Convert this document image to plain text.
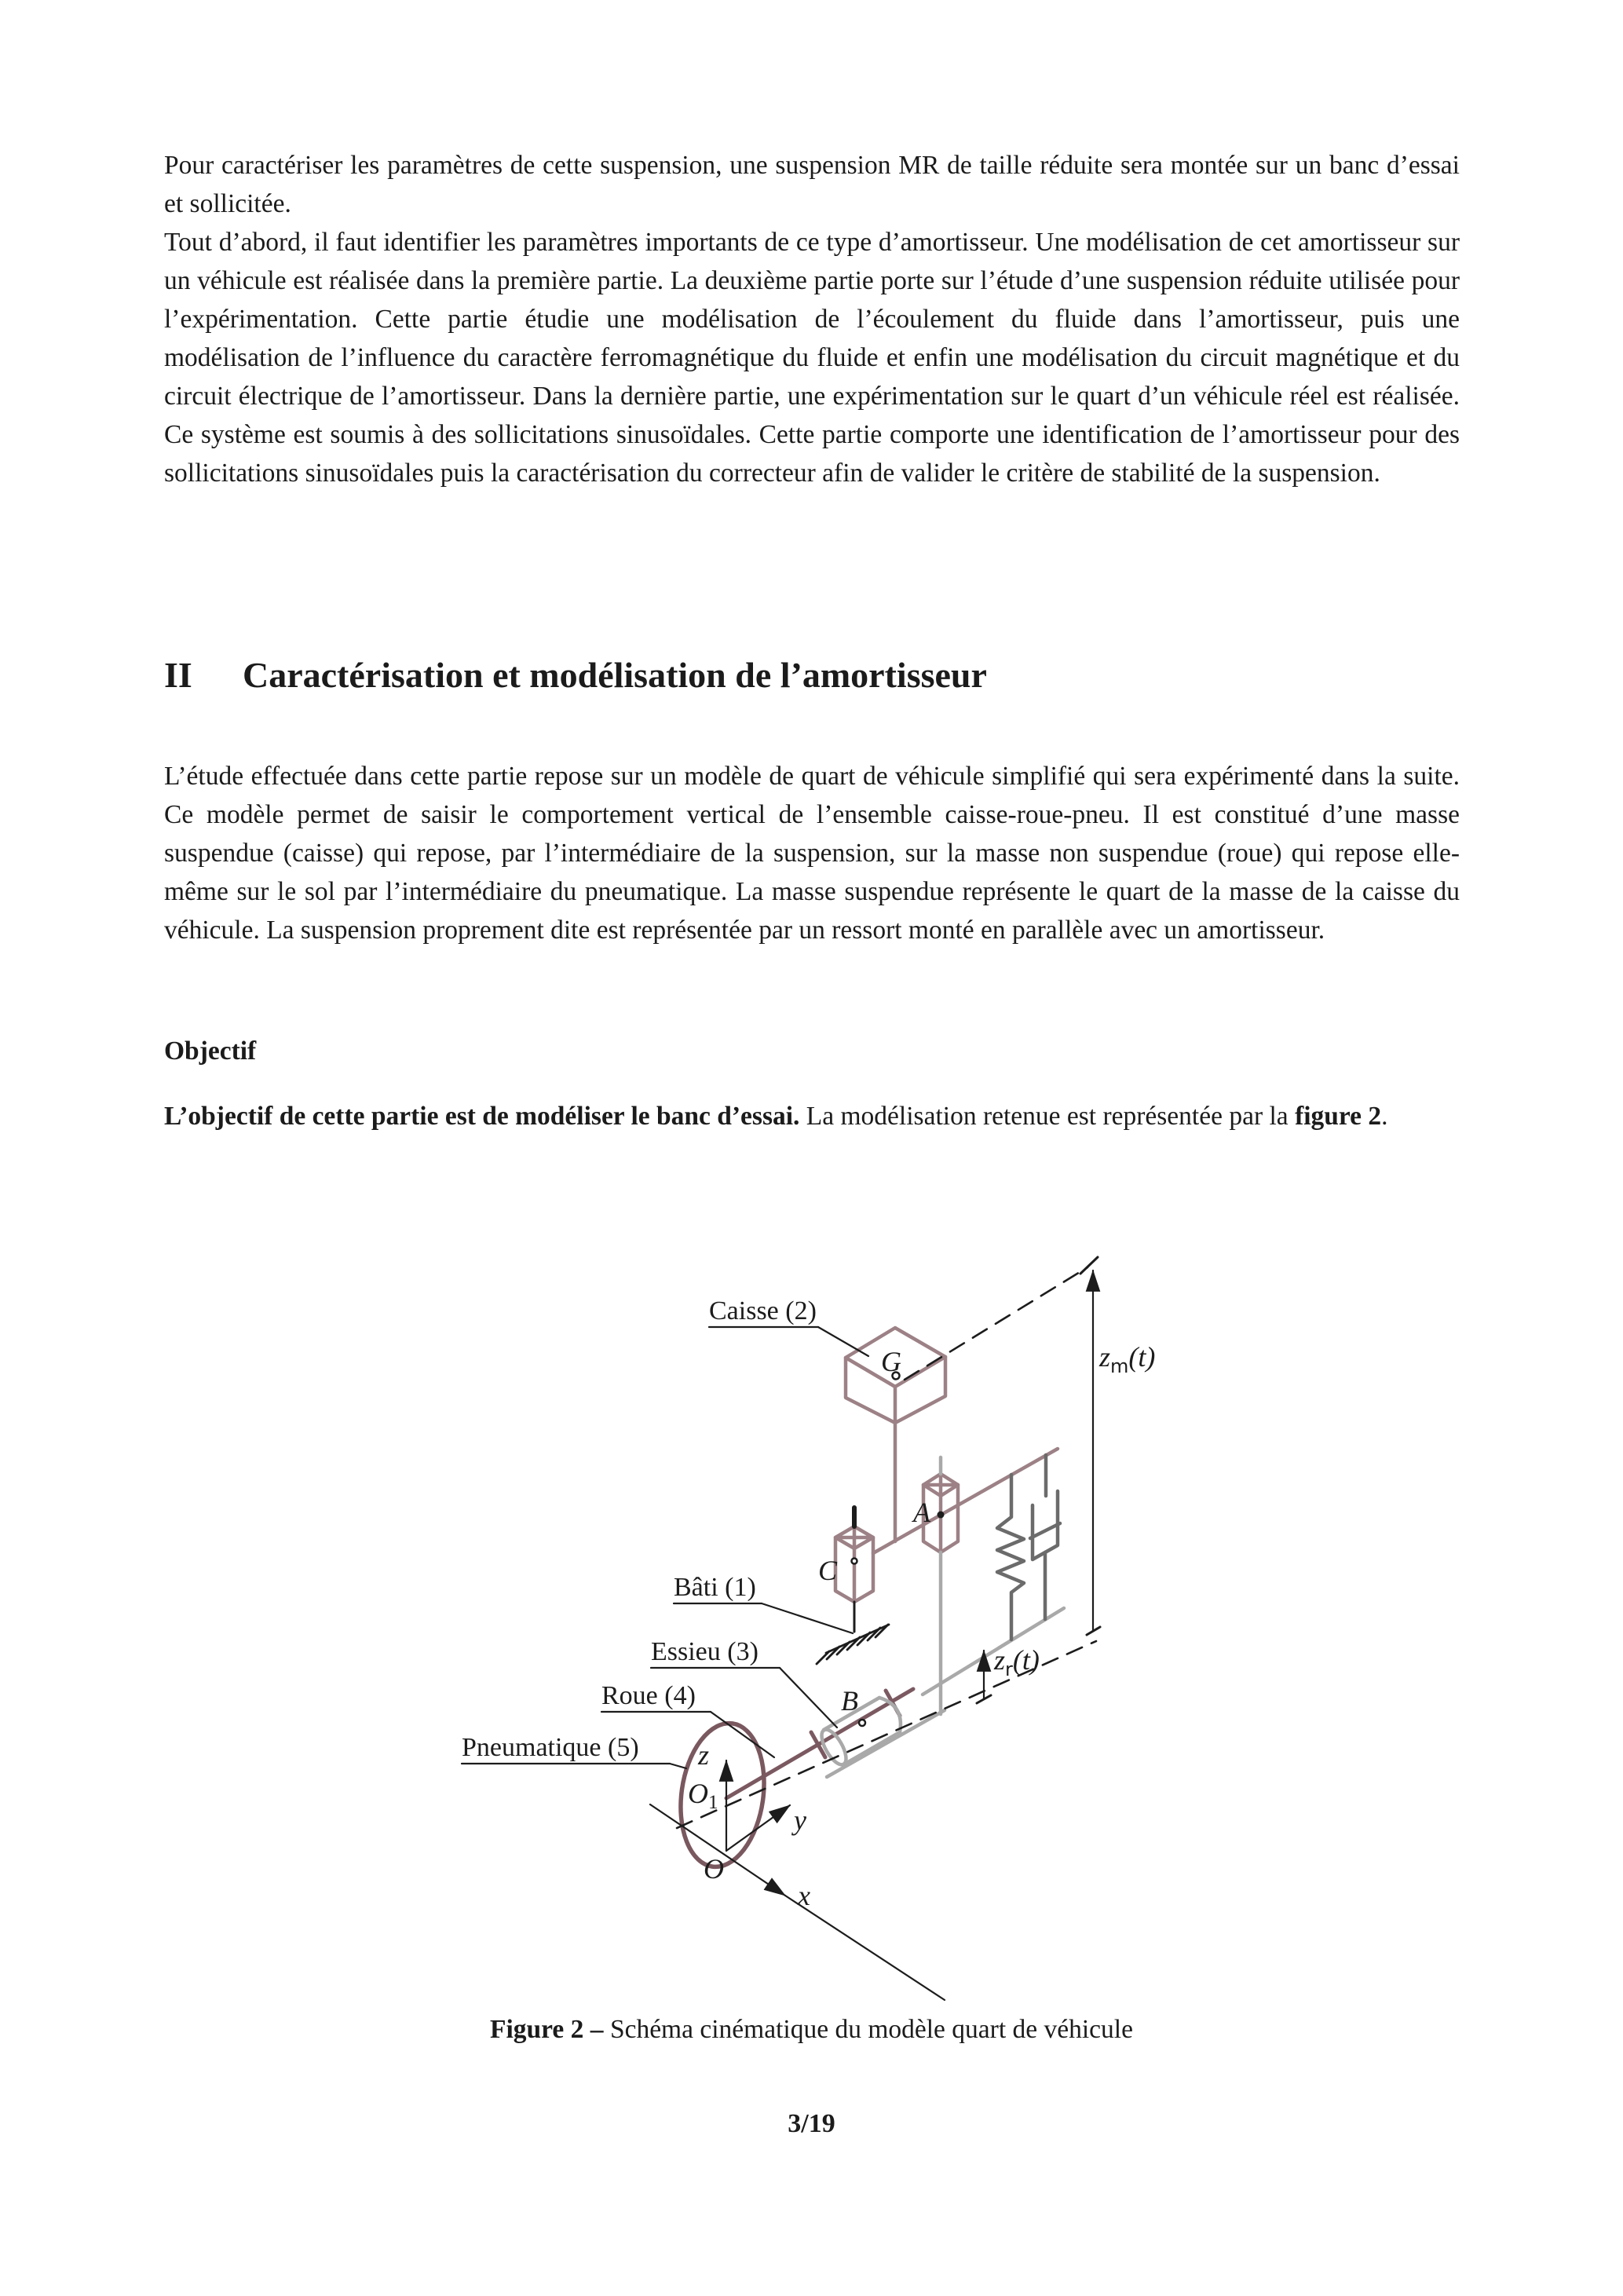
Pour caractériser les paramètres de cette suspension, une suspension MR de taille réduite sera montée sur un banc d’essai et sollicitée.

Tout d’abord, il faut identifier les paramètres importants de ce type d’amortisseur. Une modélisation de cet amortisseur sur un véhicule est réalisée dans la première partie. La deuxième partie porte sur l’étude d’une suspension réduite utilisée pour l’expérimentation. Cette partie étudie une modélisation de l’écoulement du fluide dans l’amortisseur, puis une modélisation de l’influence du caractère ferromagnétique du fluide et enfin une modélisation du circuit magnétique et du circuit électrique de l’amortisseur. Dans la dernière partie, une expérimentation sur le quart d’un véhicule réel est réalisée. Ce système est soumis à des sollicitations sinusoïdales. Cette partie comporte une identification de l’amortisseur pour des sollicitations sinusoïdales puis la caractérisation du correcteur afin de valider le critère de stabilité de la suspension.

II	Caractérisation et modélisation de l’amortisseur

L’étude effectuée dans cette partie repose sur un modèle de quart de véhicule simplifié qui sera expérimenté dans la suite. Ce modèle permet de saisir le comportement vertical de l’ensemble caisse-roue-pneu. Il est constitué d’une masse suspendue (caisse) qui repose, par l’intermédiaire de la suspension, sur la masse non suspendue (roue) qui repose elle-même sur le sol par l’intermédiaire du pneumatique. La masse suspendue représente le quart de la masse de la caisse du véhicule. La suspension proprement dite est représentée par un ressort monté en parallèle avec un amortisseur.

Objectif

L’objectif de cette partie est de modéliser le banc d’essai. La modélisation retenue est représentée par la figure 2.

Caisse (2)
Bâti (1)
Essieu (3)
Roue (4)
Pneumatique (5)
G
A
C
B
O
O1
z
y
x
$z_m(t)$
$z_r(t)$
Figure 2 – Schéma cinématique du modèle quart de véhicule
3/19
